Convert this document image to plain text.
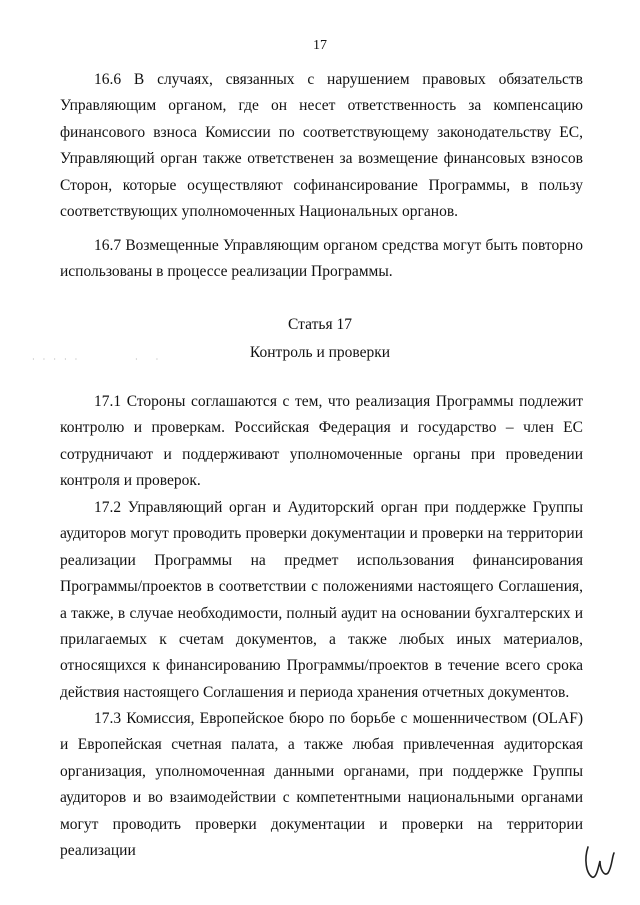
17

16.6 В случаях, связанных с нарушением правовых обязательств Управляющим органом, где он несет ответственность за компенсацию финансового взноса Комиссии по соответствующему законодательству ЕС, Управляющий орган также ответственен за возмещение финансовых взносов Сторон, которые осуществляют софинансирование Программы, в пользу соответствующих уполномоченных Национальных органов.

16.7 Возмещенные Управляющим органом средства могут быть повторно использованы в процессе реализации Программы.

Статья 17

Контроль и проверки

· · · · ·	· ·

17.1 Стороны соглашаются с тем, что реализация Программы подлежит контролю и проверкам. Российская Федерация и государство – член ЕС сотрудничают и поддерживают уполномоченные органы при проведении контроля и проверок.

17.2 Управляющий орган и Аудиторский орган при поддержке Группы аудиторов могут проводить проверки документации и проверки на территории реализации Программы на предмет использования финансирования Программы/проектов в соответствии с положениями настоящего Соглашения, а также, в случае необходимости, полный аудит на основании бухгалтерских и прилагаемых к счетам документов, а также любых иных материалов, относящихся к финансированию Программы/проектов в течение всего срока действия настоящего Соглашения и периода хранения отчетных документов.

17.3 Комиссия, Европейское бюро по борьбе с мошенничеством (OLAF) и Европейская счетная палата, а также любая привлеченная аудиторская организация, уполномоченная данными органами, при поддержке Группы аудиторов и во взаимодействии с компетентными национальными органами могут проводить проверки документации и проверки на территории реализации
